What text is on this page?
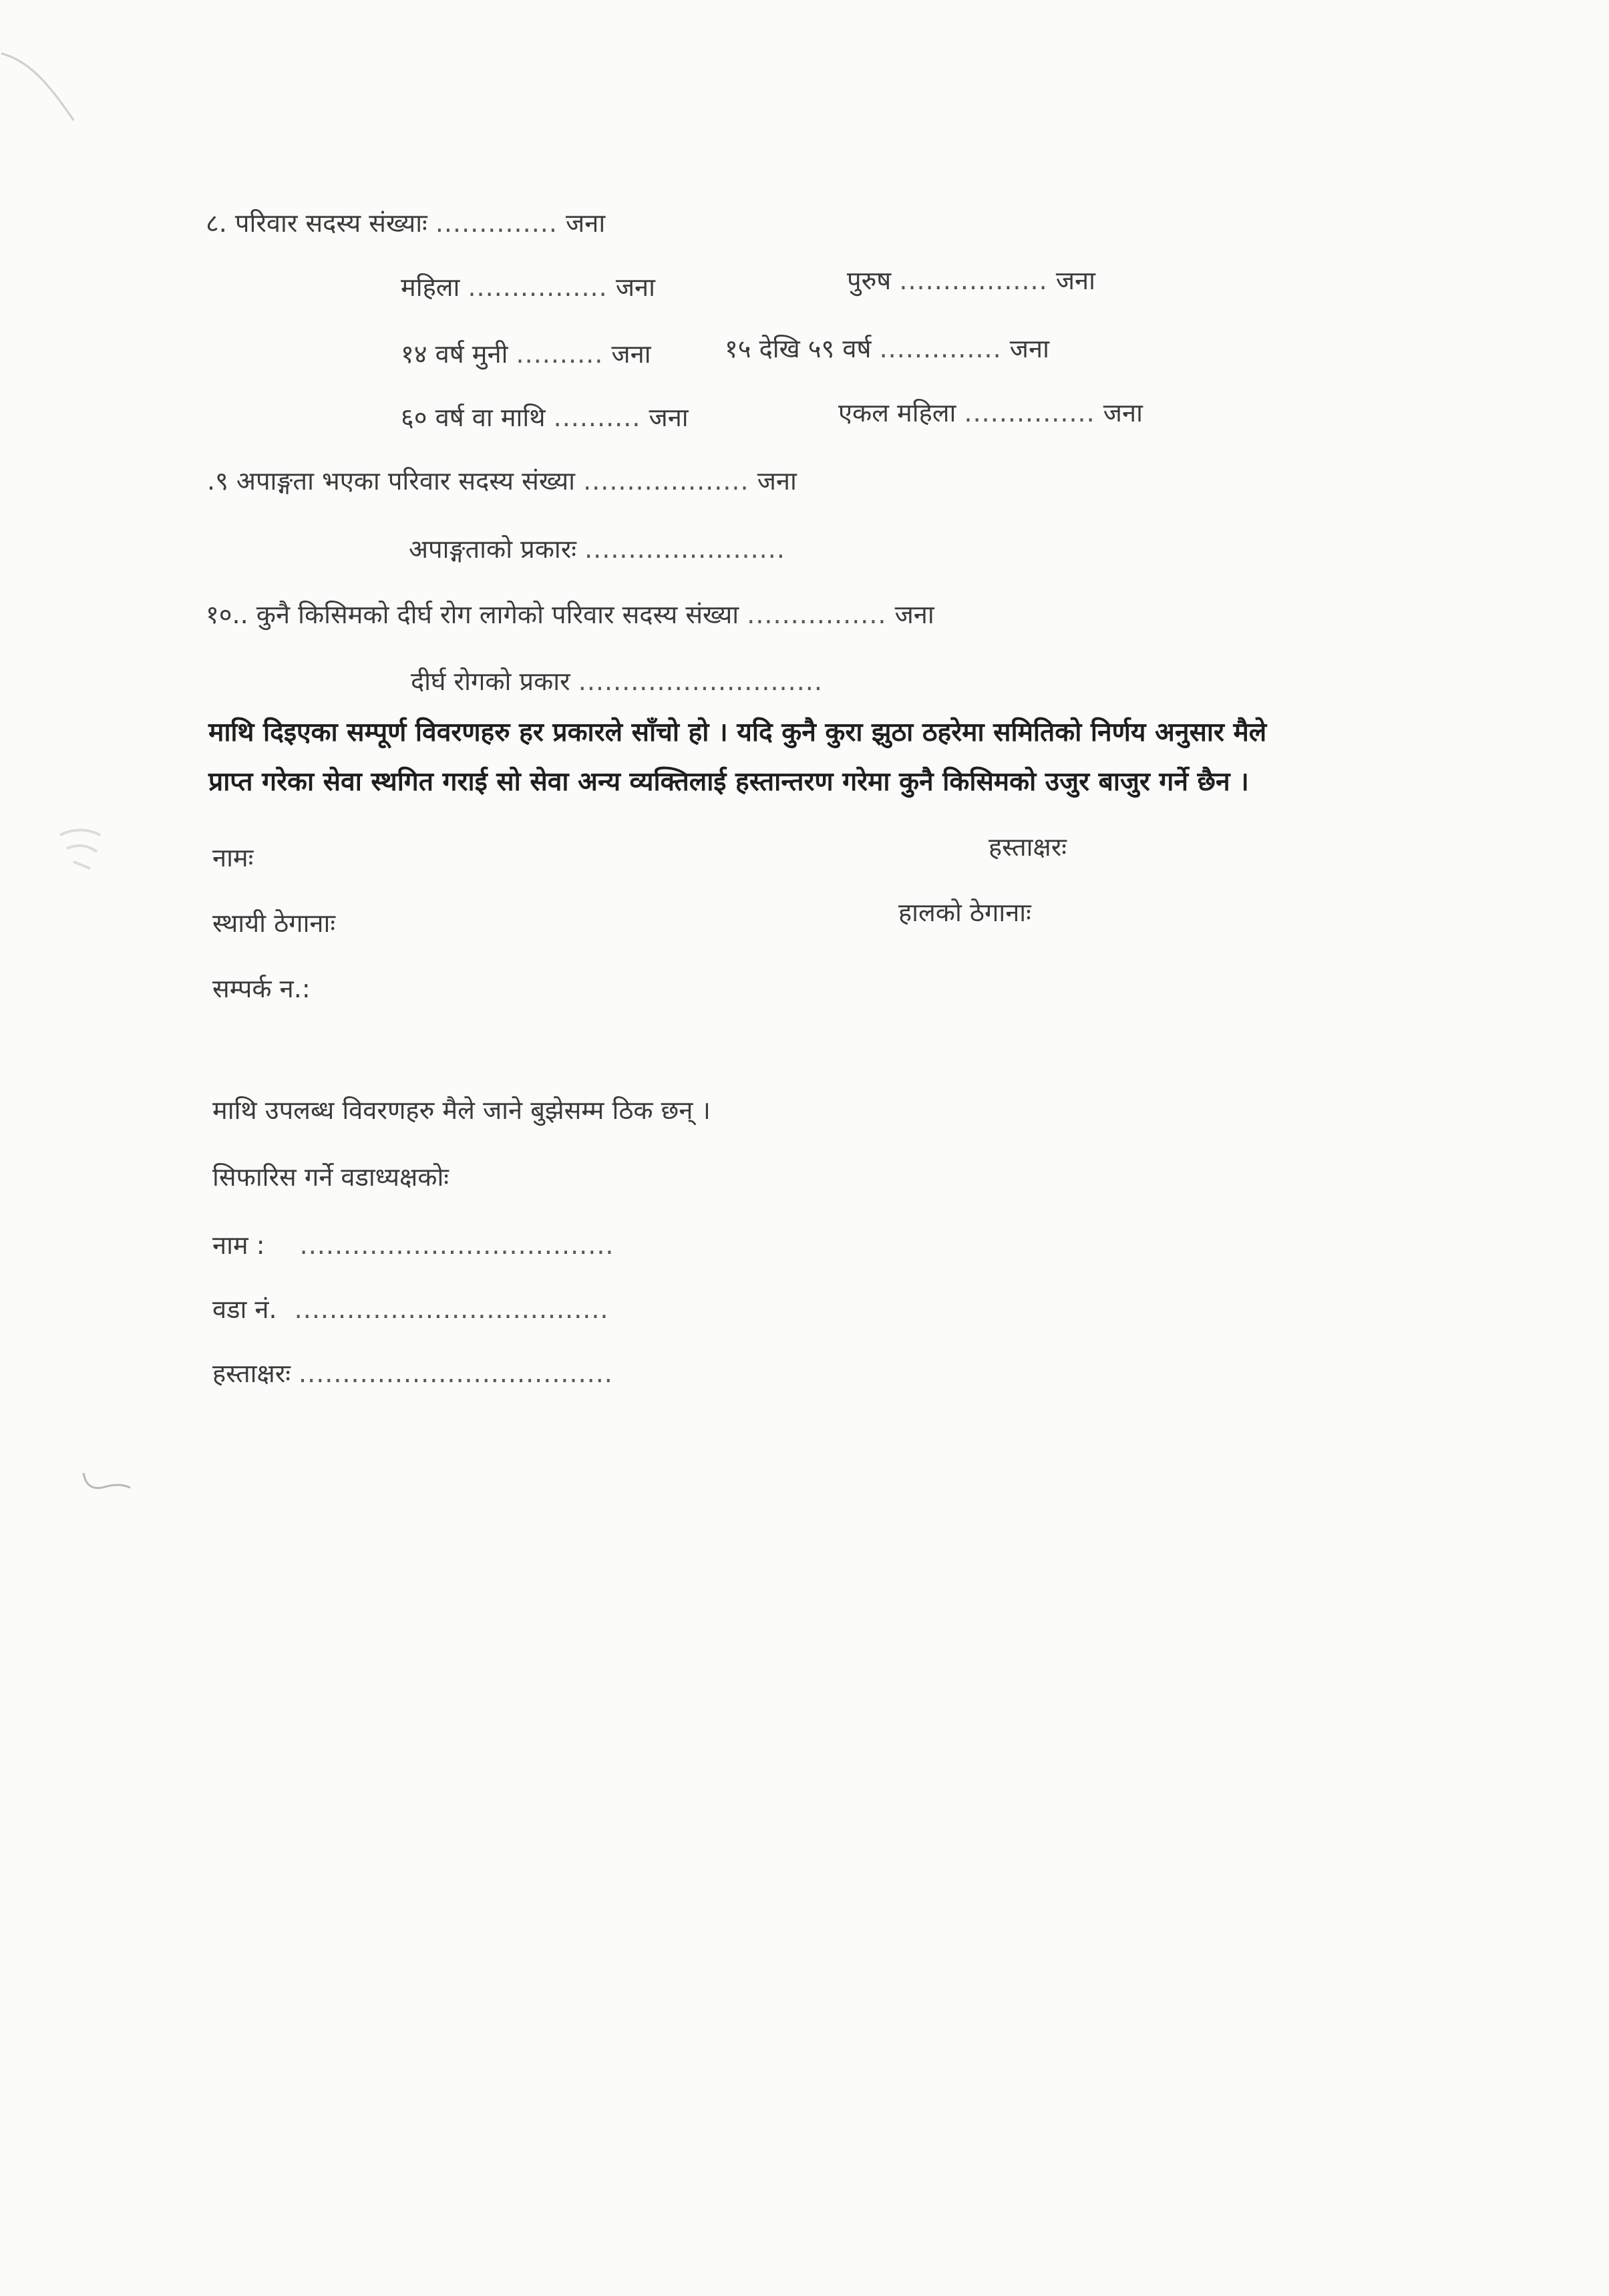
८. परिवार सदस्य संख्याः .............. जना
महिला ................ जना	पुरुष ................. जना
१४ वर्ष मुनी .......... जना	१५ देखि ५९ वर्ष .............. जना
६० वर्ष वा माथि .......... जना	एकल महिला ............... जना
.९ अपाङ्गता भएका परिवार सदस्य संख्या ................... जना
अपाङ्गताको प्रकारः .......................
१०.. कुनै किसिमको दीर्घ रोग लागेको परिवार सदस्य संख्या ................ जना
दीर्घ रोगको प्रकार ............................
माथि दिइएका सम्पूर्ण विवरणहरु हर प्रकारले साँचो हो । यदि कुनै कुरा झुठा ठहरेमा समितिको निर्णय अनुसार मैले
प्राप्त गरेका सेवा स्थगित गराई सो सेवा अन्य व्यक्तिलाई हस्तान्तरण गरेमा कुनै किसिमको उजुर बाजुर गर्ने छैन ।
नामः	हस्ताक्षरः
स्थायी ठेगानाः	हालको ठेगानाः
सम्पर्क न.:
माथि उपलब्ध विवरणहरु मैले जाने बुझेसम्म ठिक छन् ।
सिफारिस गर्ने वडाध्यक्षकोः
नाम : ....................................
वडा नं. ....................................
हस्ताक्षरः ....................................
